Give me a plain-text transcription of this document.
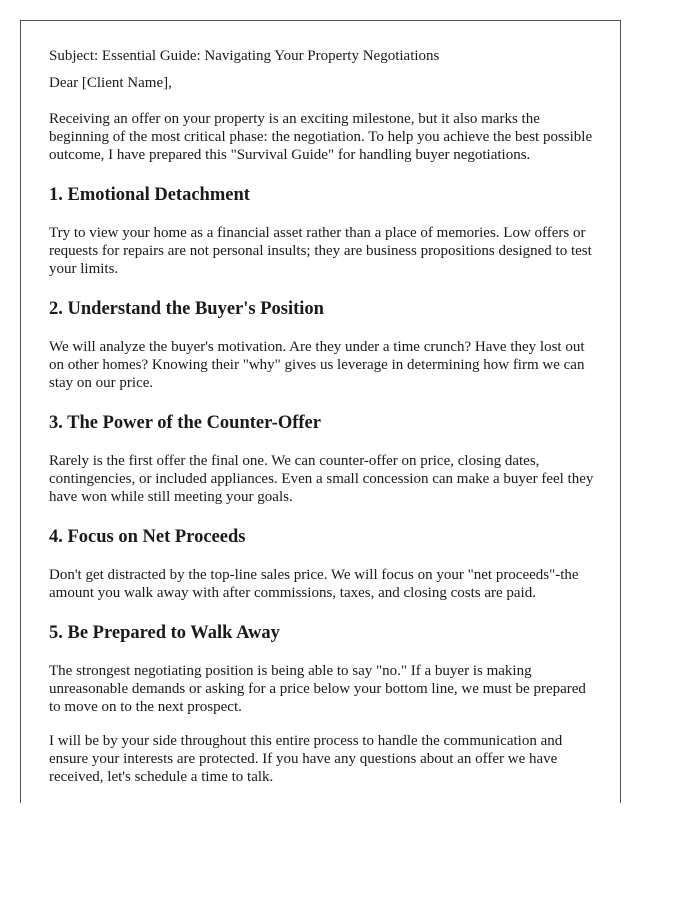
Subject: Essential Guide: Navigating Your Property Negotiations

Dear [Client Name],

Receiving an offer on your property is an exciting milestone, but it also marks the beginning of the most critical phase: the negotiation. To help you achieve the best possible outcome, I have prepared this "Survival Guide" for handling buyer negotiations.

1. Emotional Detachment

Try to view your home as a financial asset rather than a place of memories. Low offers or requests for repairs are not personal insults; they are business propositions designed to test your limits.

2. Understand the Buyer's Position

We will analyze the buyer's motivation. Are they under a time crunch? Have they lost out on other homes? Knowing their "why" gives us leverage in determining how firm we can stay on our price.

3. The Power of the Counter-Offer

Rarely is the first offer the final one. We can counter-offer on price, closing dates, contingencies, or included appliances. Even a small concession can make a buyer feel they have won while still meeting your goals.

4. Focus on Net Proceeds

Don't get distracted by the top-line sales price. We will focus on your "net proceeds"-the amount you walk away with after commissions, taxes, and closing costs are paid.

5. Be Prepared to Walk Away

The strongest negotiating position is being able to say "no." If a buyer is making unreasonable demands or asking for a price below your bottom line, we must be prepared to move on to the next prospect.

I will be by your side throughout this entire process to handle the communication and ensure your interests are protected. If you have any questions about an offer we have received, let's schedule a time to talk.
